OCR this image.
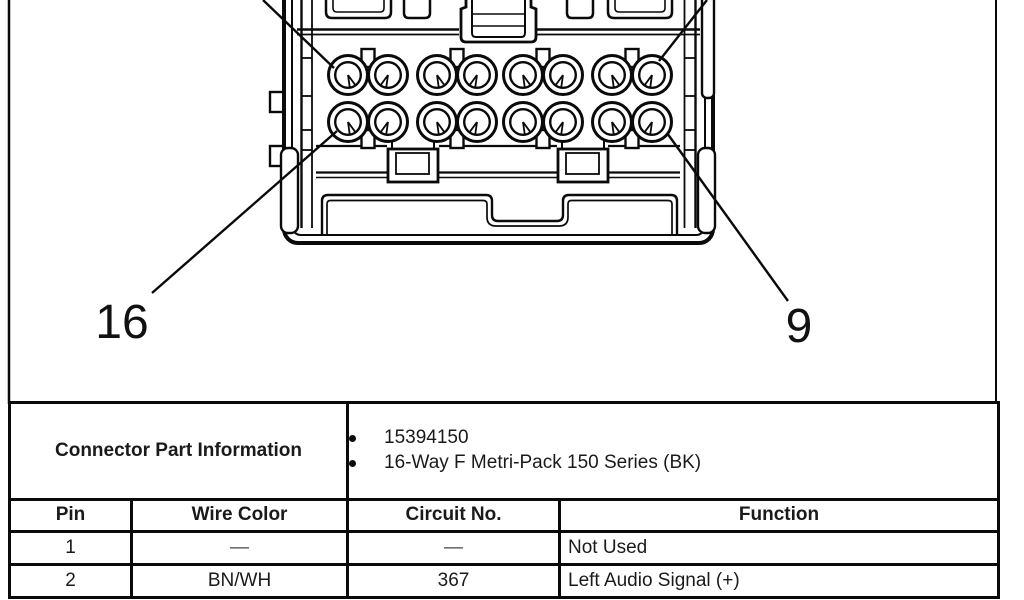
16	9
Connector Part Information		15394150
16-Way F Metri-Pack 150 Series (BK)	

Pin	Wire Color	Circuit No.	Function
1	—	—	Not Used
2	BN/WH	367	Left Audio Signal (+)
